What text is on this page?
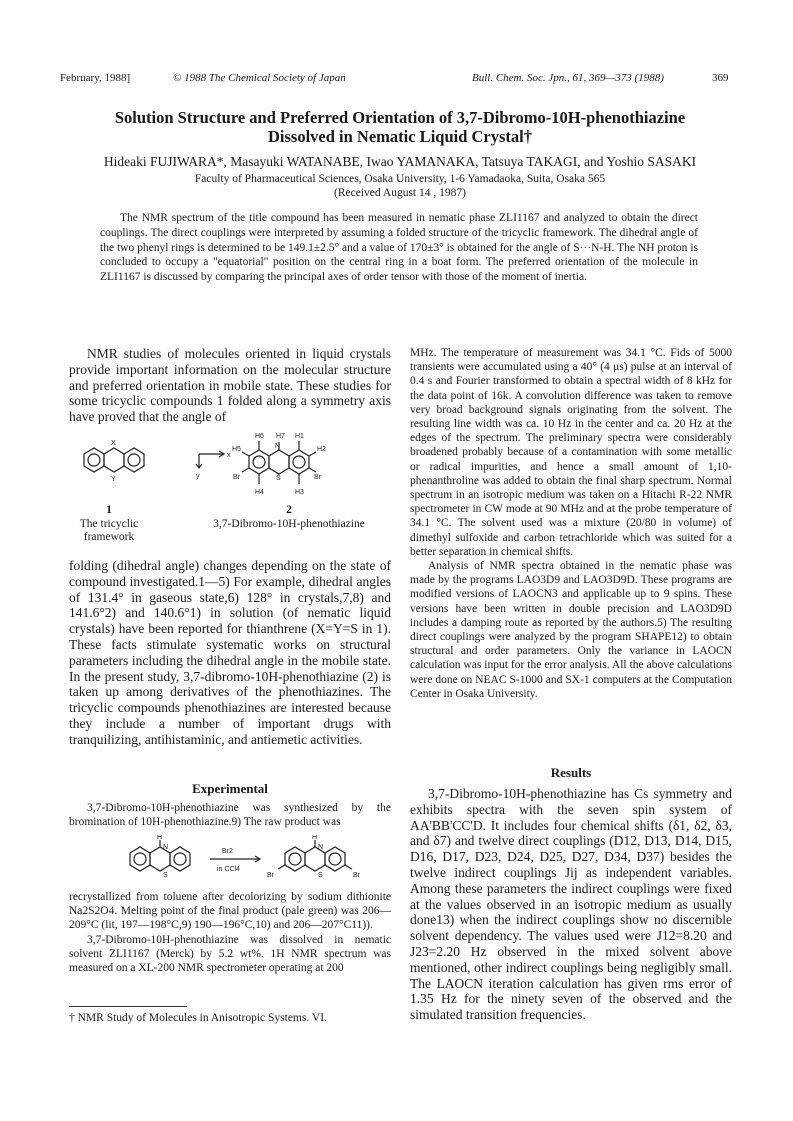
February, 1988]	© 1988 The Chemical Society of Japan	Bull. Chem. Soc. Jpn., 61, 369—373 (1988)	369
Solution Structure and Preferred Orientation of 3,7-Dibromo-10H-phenothiazine
Dissolved in Nematic Liquid Crystal†
Hideaki FUJIWARA*, Masayuki WATANABE, Iwao YAMANAKA, Tatsuya TAKAGI, and Yoshio SASAKI
Faculty of Pharmaceutical Sciences, Osaka University, 1-6 Yamadaoka, Suita, Osaka 565
(Received August 14 , 1987)
The NMR spectrum of the title compound has been measured in nematic phase ZLI1167 and analyzed to obtain the direct couplings. The direct couplings were interpreted by assuming a folded structure of the tricyclic framework. The dihedral angle of the two phenyl rings is determined to be 149.1±2.5° and a value of 170±3° is obtained for the angle of S···N-H. The NH proton is concluded to occupy a "equatorial" position on the central ring in a boat form. The preferred orientation of the molecule in ZLI1167 is discussed by comparing the principal axes of order tensor with those of the moment of inertia.

NMR studies of molecules oriented in liquid crystals provide important information on the molecular structure and preferred orientation in mobile state. These studies for some tricyclic compounds 1 folded along a symmetry axis have proved that the angle of

X
Y
x
y
N
S
H6 H7 H1
H5	H2
H4	H3
Br	Br
1
The tricyclic
framework
2
3,7-Dibromo-10H-phenothiazine

folding (dihedral angle) changes depending on the state of compound investigated.1—5) For example, dihedral angles of 131.4° in gaseous state,6) 128° in crystals,7,8) and 141.6°2) and 140.6°1) in solution (of nematic liquid crystals) have been reported for thianthrene (X=Y=S in 1). These facts stimulate systematic works on structural parameters including the dihedral angle in the mobile state. In the present study, 3,7-dibromo-10H-phenothiazine (2) is taken up among derivatives of the phenothiazines. The tricyclic compounds phenothiazines are interested because they include a number of important drugs with tranquilizing, antihistaminic, and antiemetic activities.

Experimental

3,7-Dibromo-10H-phenothiazine was synthesized by the bromination of 10H-phenothiazine.9) The raw product was

H
N
S
Br2
in CCl4
H
N
S
Br	Br

recrystallized from toluene after decolorizing by sodium dithionite Na2S2O4. Melting point of the final product (pale green) was 206—209°C (lit, 197—198°C,9) 190—196°C,10) and 206—207°C11)).

3,7-Dibromo-10H-phenothiazine was dissolved in nematic solvent ZLI1167 (Merck) by 5.2 wt%. 1H NMR spectrum was measured on a XL-200 NMR spectrometer operating at 200

† NMR Study of Molecules in Anisotropic Systems. VI.

MHz. The temperature of measurement was 34.1 °C. Fids of 5000 transients were accumulated using a 40° (4 μs) pulse at an interval of 0.4 s and Fourier transformed to obtain a spectral width of 8 kHz for the data point of 16k. A convolution difference was taken to remove very broad background signals originating from the solvent. The resulting line width was ca. 10 Hz in the center and ca. 20 Hz at the edges of the spectrum. The preliminary spectra were considerably broadened probably because of a contamination with some metallic or radical impurities, and hence a small amount of 1,10-phenanthroline was added to obtain the final sharp spectrum. Normal spectrum in an isotropic medium was taken on a Hitachi R-22 NMR spectrometer in CW mode at 90 MHz and at the probe temperature of 34.1 °C. The solvent used was a mixture (20/80 in volume) of dimethyl sulfoxide and carbon tetrachloride which was suited for a better separation in chemical shifts.

Analysis of NMR spectra obtained in the nematic phase was made by the programs LAO3D9 and LAO3D9D. These programs are modified versions of LAOCN3 and applicable up to 9 spins. These versions have been written in double precision and LAO3D9D includes a damping route as reported by the authors.5) The resulting direct couplings were analyzed by the program SHAPE12) to obtain structural and order parameters. Only the variance in LAOCN calculation was input for the error analysis. All the above calculations were done on NEAC S-1000 and SX-1 computers at the Computation Center in Osaka University.

Results

3,7-Dibromo-10H-phenothiazine has Cs symmetry and exhibits spectra with the seven spin system of AA'BB'CC'D. It includes four chemical shifts (δ1, δ2, δ3, and δ7) and twelve direct couplings (D12, D13, D14, D15, D16, D17, D23, D24, D25, D27, D34, D37) besides the twelve indirect couplings Jij as independent variables. Among these parameters the indirect couplings were fixed at the values observed in an isotropic medium as usually done13) when the indirect couplings show no discernible solvent dependency. The values used were J12=8.20 and J23=2.20 Hz observed in the mixed solvent above mentioned, other indirect couplings being negligibly small. The LAOCN iteration calculation has given rms error of 1.35 Hz for the ninety seven of the observed and the simulated transition frequencies.
